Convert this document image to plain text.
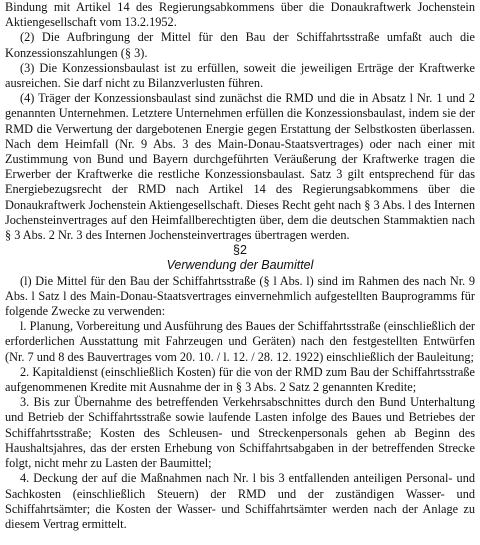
Bindung mit Artikel 14 des Regierungsabkommens über die Donaukraftwerk Jochenstein Aktiengesellschaft vom 13.2.1952.

(2) Die Aufbringung der Mittel für den Bau der Schiffahrtsstraße umfaßt auch die Konzessionszahlungen (§ 3).

(3) Die Konzessionsbaulast ist zu erfüllen, soweit die jeweiligen Erträge der Kraftwerke ausreichen. Sie darf nicht zu Bilanzverlusten führen.

(4) Träger der Konzessionsbaulast sind zunächst die RMD und die in Absatz l Nr. 1 und 2 genannten Unternehmen. Letztere Unternehmen erfüllen die Konzessionsbaulast, indem sie der RMD die Verwertung der dargebotenen Energie gegen Erstattung der Selbstkosten überlassen. Nach dem Heimfall (Nr. 9 Abs. 3 des Main-Donau-Staatsvertrages) oder nach einer mit Zustimmung von Bund und Bayern durchgeführten Veräußerung der Kraftwerke tragen die Erwerber der Kraftwerke die restliche Konzessionsbaulast. Satz 3 gilt entsprechend für das Energiebezugsrecht der RMD nach Artikel 14 des Regierungsabkommens über die Donaukraftwerk Jochenstein Aktiengesellschaft. Dieses Recht geht nach § 3 Abs. l des Internen Jochensteinvertrages auf den Heimfallberechtigten über, dem die deutschen Stammaktien nach § 3 Abs. 2 Nr. 3 des Internen Jochensteinvertrages übertragen werden.

§2

Verwendung der Baumittel

(l) Die Mittel für den Bau der Schiffahrtsstraße (§ l Abs. l) sind im Rahmen des nach Nr. 9 Abs. l Satz l des Main-Donau-Staatsvertrages einvernehmlich aufgestellten Bauprogramms für folgende Zwecke zu verwenden:

l. Planung, Vorbereitung und Ausführung des Baues der Schiffahrtsstraße (einschließlich der erforderlichen Ausstattung mit Fahrzeugen und Geräten) nach den festgestellten Entwürfen (Nr. 7 und 8 des Bauvertrages vom 20. 10. / l. 12. / 28. 12. 1922) einschließlich der Bauleitung;

2. Kapitaldienst (einschließlich Kosten) für die von der RMD zum Bau der Schiffahrtsstraße aufgenommenen Kredite mit Ausnahme der in § 3 Abs. 2 Satz 2 genannten Kredite;

3. Bis zur Übernahme des betreffenden Verkehrsabschnittes durch den Bund Unterhaltung und Betrieb der Schiffahrtsstraße sowie laufende Lasten infolge des Baues und Betriebes der Schiffahrtsstraße; Kosten des Schleusen- und Streckenpersonals gehen ab Beginn des Haushaltsjahres, das der ersten Erhebung von Schiffahrtsabgaben in der betreffenden Strecke folgt, nicht mehr zu Lasten der Baumittel;

4. Deckung der auf die Maßnahmen nach Nr. l bis 3 entfallenden anteiligen Personal- und Sachkosten (einschließlich Steuern) der RMD und der zuständigen Wasser- und Schiffahrtsämter; die Kosten der Wasser- und Schiffahrtsämter werden nach der Anlage zu diesem Vertrag ermittelt.
